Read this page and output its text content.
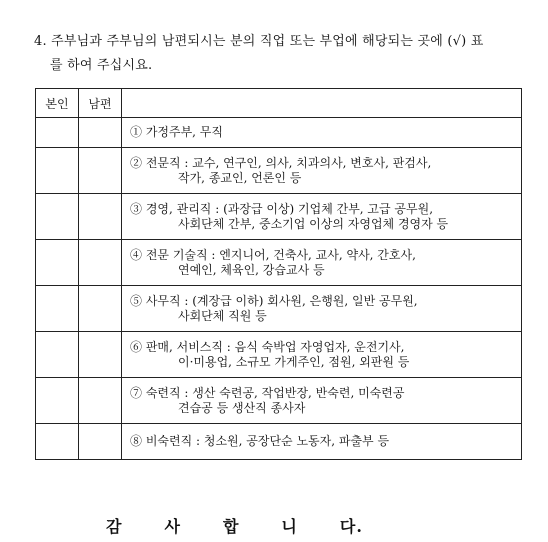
4. 주부님과 주부님의 남편되시는 분의 직업 또는 부업에 해당되는 곳에 (√) 표
를 하여 주십시요.
본인	남편	
		① 가정주부, 무직
		② 전문직 : 교수, 연구인, 의사, 치과의사, 변호사, 판검사,
작가, 종교인, 언론인 등

		③ 경영, 관리직 : (과장급 이상) 기업체 간부, 고급 공무원,
사회단체 간부, 중소기업 이상의 자영업체 경영자 등

		④ 전문 기술직 : 엔지니어, 건축사, 교사, 약사, 간호사,
연예인, 체육인, 강습교사 등

		⑤ 사무직 : (계장급 이하) 회사원, 은행원, 일반 공무원,
사회단체 직원 등

		⑥ 판매, 서비스직 : 음식 숙박업 자영업자, 운전기사,
이·미용업, 소규모 가게주인, 점원, 외판원 등

		⑦ 숙련직 : 생산 숙련공, 작업반장, 반숙련, 미숙련공
견습공 등 생산직 종사자

		⑧ 비숙련직 : 청소원, 공장단순 노동자, 파출부 등
감	사	합	니	다.
